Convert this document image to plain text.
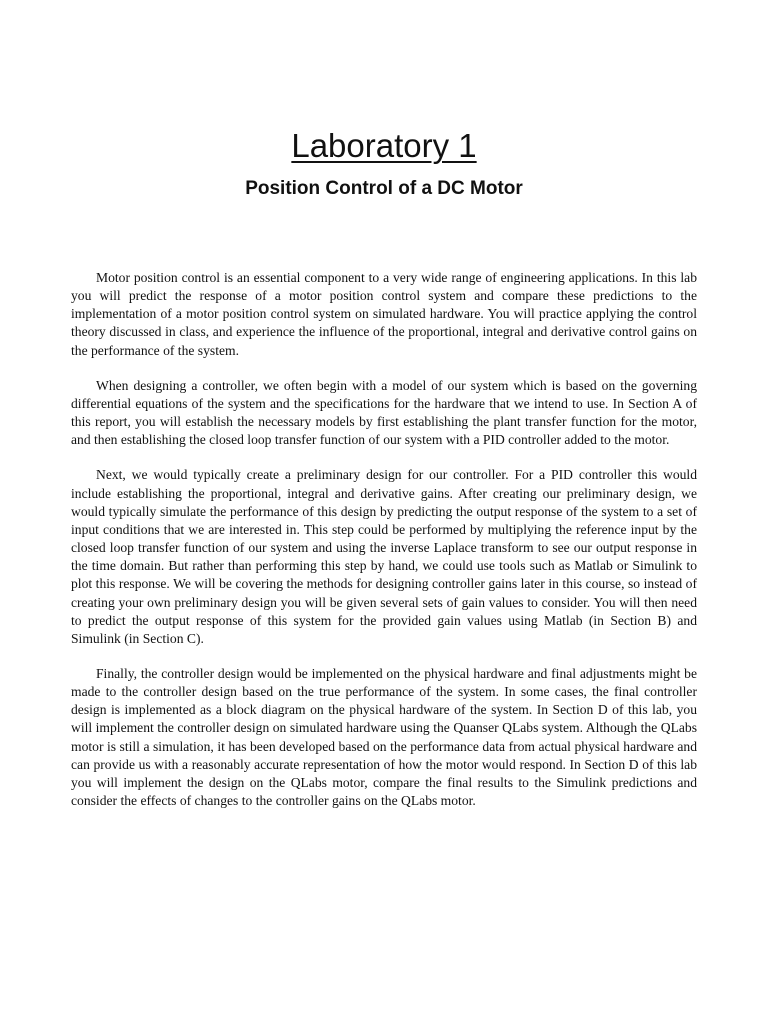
Laboratory 1
Position Control of a DC Motor

Motor position control is an essential component to a very wide range of engineering applications. In this lab you will predict the response of a motor position control system and compare these predictions to the implementation of a motor position control system on simulated hardware. You will practice applying the control theory discussed in class, and experience the influence of the proportional, integral and derivative control gains on the performance of the system.

When designing a controller, we often begin with a model of our system which is based on the governing differential equations of the system and the specifications for the hardware that we intend to use. In Section A of this report, you will establish the necessary models by first establishing the plant transfer function for the motor, and then establishing the closed loop transfer function of our system with a PID controller added to the motor.

Next, we would typically create a preliminary design for our controller. For a PID controller this would include establishing the proportional, integral and derivative gains. After creating our preliminary design, we would typically simulate the performance of this design by predicting the output response of the system to a set of input conditions that we are interested in. This step could be performed by multiplying the reference input by the closed loop transfer function of our system and using the inverse Laplace transform to see our output response in the time domain. But rather than performing this step by hand, we could use tools such as Matlab or Simulink to plot this response. We will be covering the methods for designing controller gains later in this course, so instead of creating your own preliminary design you will be given several sets of gain values to consider. You will then need to predict the output response of this system for the provided gain values using Matlab (in Section B) and Simulink (in Section C).

Finally, the controller design would be implemented on the physical hardware and final adjustments might be made to the controller design based on the true performance of the system. In some cases, the final controller design is implemented as a block diagram on the physical hardware of the system. In Section D of this lab, you will implement the controller design on simulated hardware using the Quanser QLabs system. Although the QLabs motor is still a simulation, it has been developed based on the performance data from actual physical hardware and can provide us with a reasonably accurate representation of how the motor would respond. In Section D of this lab you will implement the design on the QLabs motor, compare the final results to the Simulink predictions and consider the effects of changes to the controller gains on the QLabs motor.
